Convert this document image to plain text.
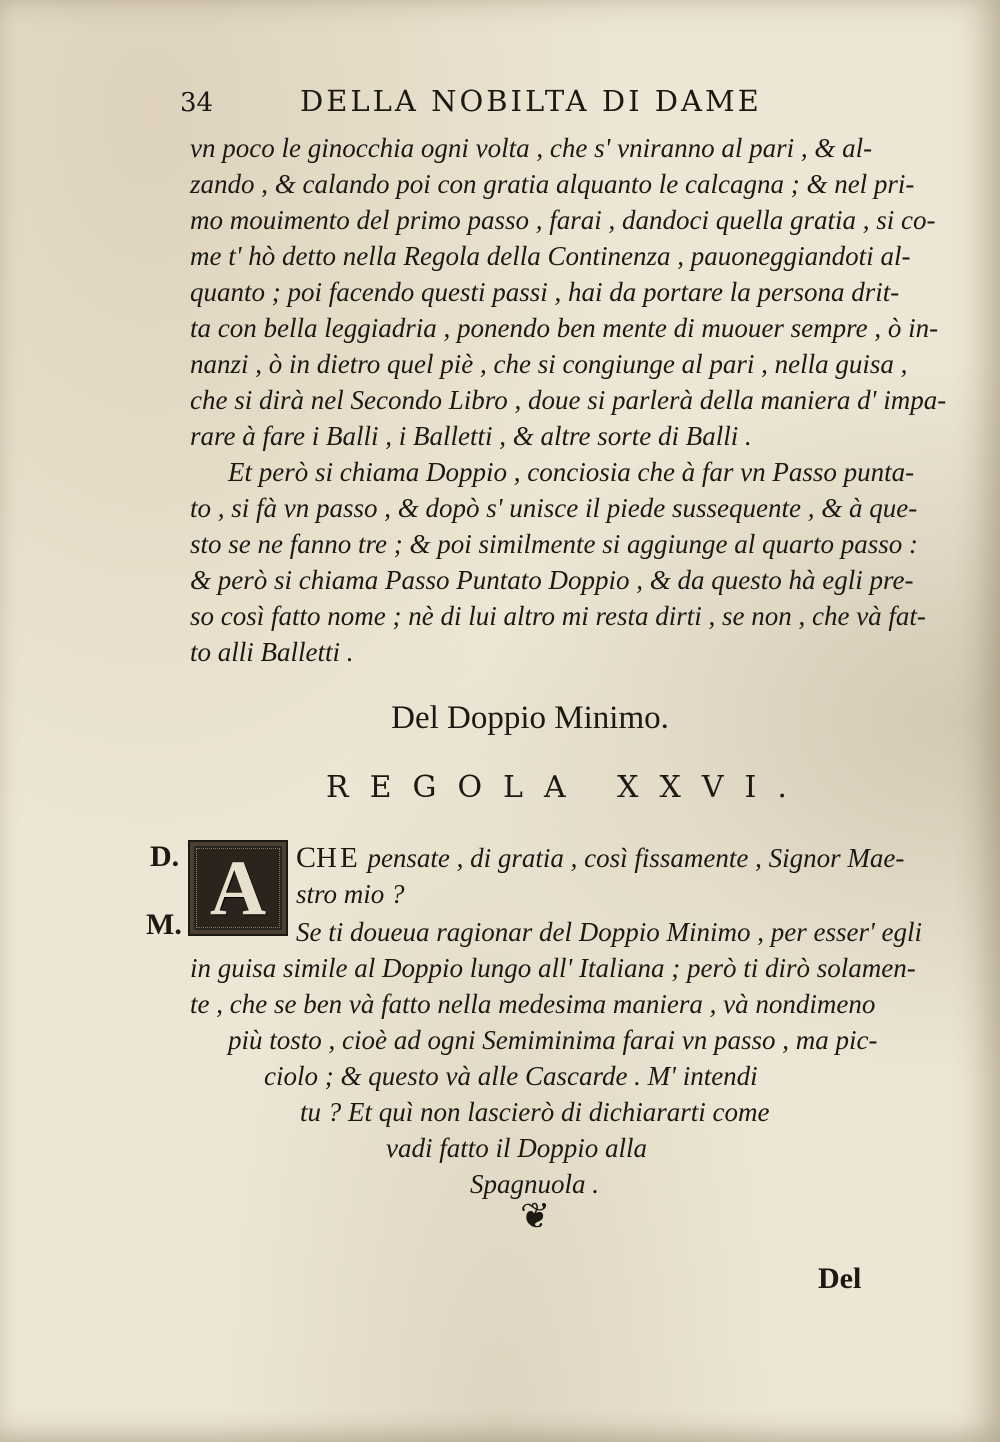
34	DELLA NOBILTA DI DAME
vn poco le ginocchia ogni volta , che s' vniranno al pari , & al-
zando , & calando poi con gratia alquanto le calcagna ; & nel pri-
mo mouimento del primo passo , farai , dandoci quella gratia , si co-
me t' hò detto nella Regola della Continenza , pauoneggiandoti al-
quanto ; poi facendo questi passi , hai da portare la persona drit-
ta con bella leggiadria , ponendo ben mente di muouer sempre , ò in-
nanzi , ò in dietro quel piè , che si congiunge al pari , nella guisa ,
che si dirà nel Secondo Libro , doue si parlerà della maniera d' impa-
rare à fare i Balli , i Balletti , & altre sorte di Balli .
Et però si chiama Doppio , conciosia che à far vn Passo punta-
to , si fà vn passo , & dopò s' unisce il piede sussequente , & à que-
sto se ne fanno tre ; & poi similmente si aggiunge al quarto passo :
& però si chiama Passo Puntato Doppio , & da questo hà egli pre-
so così fatto nome ; nè di lui altro mi resta dirti , se non , che và fat-
to alli Balletti .
Del Doppio Minimo.
REGOLA XXVI.
D.
M. A CHE pensate , di gratia , così fissamente , Signor Mae-
stro mio ?
Se ti doueua ragionar del Doppio Minimo , per esser' egli
in guisa simile al Doppio lungo all' Italiana ; però ti dirò solamen-
te , che se ben và fatto nella medesima maniera , và nondimeno
più tosto , cioè ad ogni Semiminima farai vn passo , ma pic-
ciolo ; & questo và alle Cascarde . M' intendi
tu ? Et quì non lascierò di dichiararti come
vadi fatto il Doppio alla
Spagnuola .
❦
Del
